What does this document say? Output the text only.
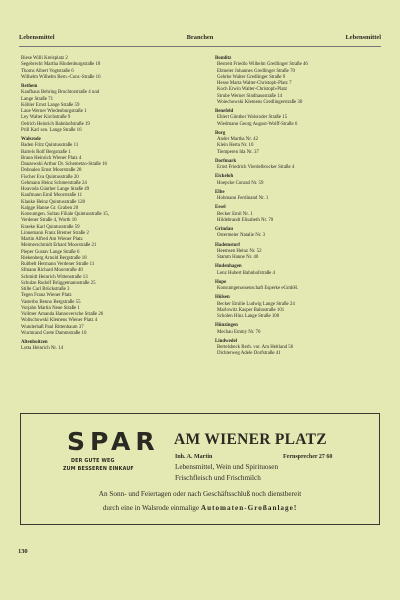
Lebensmittel	Branchen	Lebensmittel
Biese Willi Kreisplatz 2
Segebrecht Martha Hindenburgstraße 18
Thoms Albert Vogtstraße 6
Wilhelm Wilhelm Bern.-Conr.-Straße 16
Rethem
Kaufhaus Behring Bruchtorstraße 4 und
Lange Straße 71
Köhler Ernst Lange Straße 59
Laue Werner Wiedenburgstraße 1
Ley Walter Kirchstraße 9
Oelrich Heinrich Bahnhofstraße 19
Prill Karl sen. Lange Straße 16
Walsrode
Baden Fritz Quintusstraße 11
Bartels Rolf Bergstraße 1
Braun Heinrich Wiener Platz 4
Danzewski Arthur Dr. Schemetzo-Straße 16
Dohnaleo Ernst Moorstraße 28
Fischer Eva Quintusstraße 20
Gehmann Heinz Schmerstraße 24
Hoavoda Günther Lange Straße 49
Kaufmann Emil Moorstraße 11
Klauke Heinz Quintusstraße 128
Kalgge Hanne Gr. Graben 20
Konsumgen. Soltau Filiale Quintusstraße 15,
Verdener Straße 4, Worth 10
Kraeke Karl Quintusstraße 59
Linnemann Franz Bremer Straße 2
Martin Alfred Am Wiener Platz
Meimerschmidt Erhard Moorstraße 21
Pieper Gustav Lange Straße 6
Riekenberg Arnold Bergstraße 18
Rubbelt Hermann Verdener Straße 11
Sfmann Richard Moorstraße 40
Schmidt Heinrich Wittenstraße 13
Schulze Rudolf Brüggemannstraße 25
Stille Carl Brückstraße 3
Tegen Franz Wiener Platz
Vasterbo Benno Bergstraße 55
Vorjahn Martin Neue Straße 1
Vollmer Amanda Hannoversche Straße 26
Woltschowski Klemens Wiener Platz 4
Wunderhaß Paul Rittenbaum 37
Wurmrand Grete Dammstraße 10
Altenboitzen
Lotta Heinrich Nr. 14
Bomlitz
Bestreit Friedlo Wilhelm Gredlinger Straße 46
Ebmeier Johannes Gredlinger Straße 70
Gehrke Walter Gredlinger Straße 9
Hesse Marta Walter-Christoph-Platz 7
Koch Erwin Walter-Christoph-Platz
Strube Werner Sindhausstraße 14
Woiechowski Klemens Gredlingerstraße 30
Benefeld
Ehlert Günther Walsroder Straße 15
Wiedmann Georg August-Wolff-Straße 6
Borg
Ander Martha Nr. 42
Klein Herta Nr. 10
Tiemperen Ida Nr. 37
Dorfmark
Ernst Friedrich Vierdelbrocker Straße 4
Eickeloh
Hoepcke Conrad Nr. 59
Elbe
Hohmann Ferdinand Nr. 1
Essel
Becker Emil Nr. 1
Hildebrandt Elisabeth Nr. 70
Grindau
Ostermeier Natalie Nr. 3
Hademstorf
Heemsen Heinz Nr. 52
Stamm Hanne Nr. 40
Hudenhagen
Lenz Hubert Bahnhofstraße 4
Hope
Konsumgenossenschaft Esperke eGmbH.
Hülsen
Becker Emilie Ludwig Lange Straße 24
Marlowitz Kasper Bahnstraße 101
Scholen Hinz Lange Straße 100
Hünzingen
Mechau Emmy Nr. 70
Lindwedel
Bertelsbeck Berb. vor. Am Heitland 56
Dichterweg Adele Dorfstraße 41
SPAR
DER GUTE WEG
ZUM BESSEREN EINKAUF
AM WIENER PLATZ
Inh. A. Martin	Fernsprecher 27 60
Lebensmittel, Wein und Spirituosen
Frischfleisch und Frischmilch
An Sonn- und Feiertagen oder nach Geschäftsschluß noch dienstbereit
durch eine in Walsrode einmalige Automaten-Großanlage!
130
